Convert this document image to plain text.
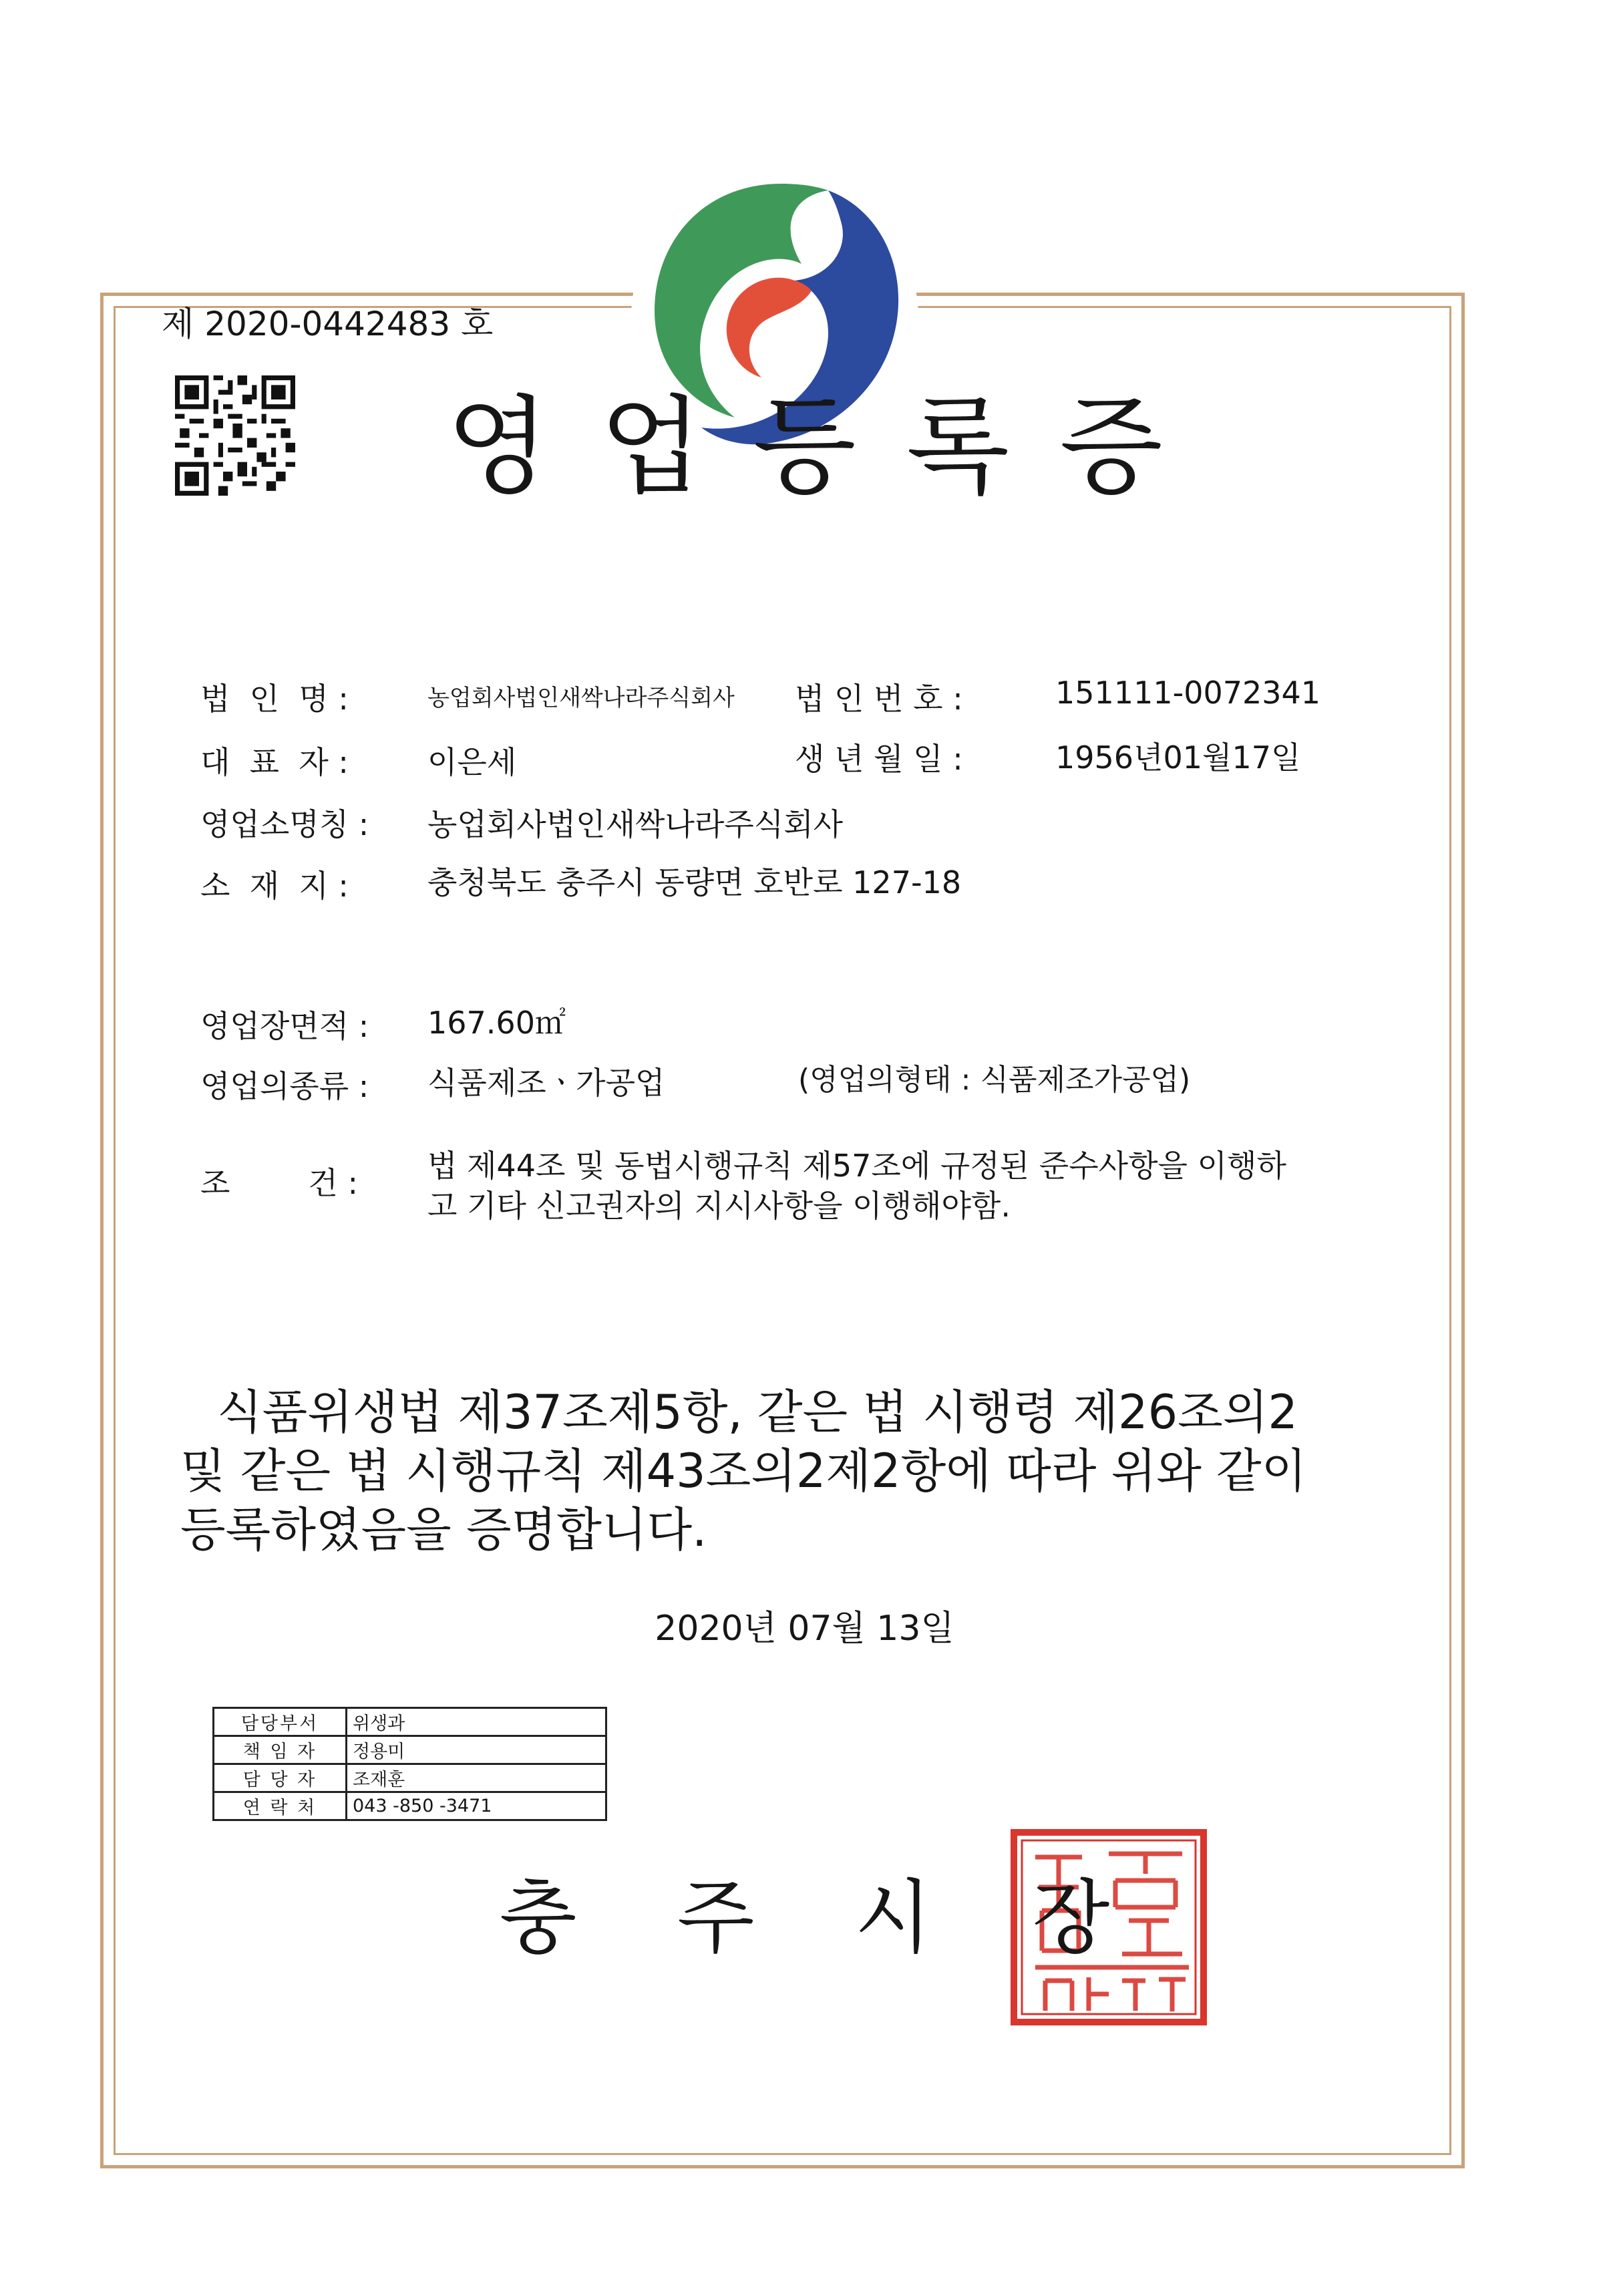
제 2020-0442483 호
영업등록증
법  인  명 :	농업회사법인새싹나라주식회사 법 인 번 호 :	151111-0072341
대  표  자 :	이은세	생 년 월 일 :	1956년01월17일
영업소명칭 : 농업회사법인새싹나라주식회사
소  재  지 :	충청북도 충주시 동량면 호반로 127-18
영업장면적 : 167.60㎡
영업의종류 : 식품제조ㆍ가공업	(영업의형태 : 식품제조가공업)
조        건 : 법 제44조 및 동법시행규칙 제57조에 규정된 준수사항을 이행하
고 기타 신고권자의 지시사항을 이행해야함.
식품위생법 제37조제5항, 같은 법 시행령 제26조의2
및 같은 법 시행규칙 제43조의2제2항에 따라 위와 같이
등록하였음을 증명합니다.
2020년 07월 13일
담당부서	위생과
책 임 자	정용미
담 당 자	조재훈
연 락 처	043 -850 -3471
충주시장
